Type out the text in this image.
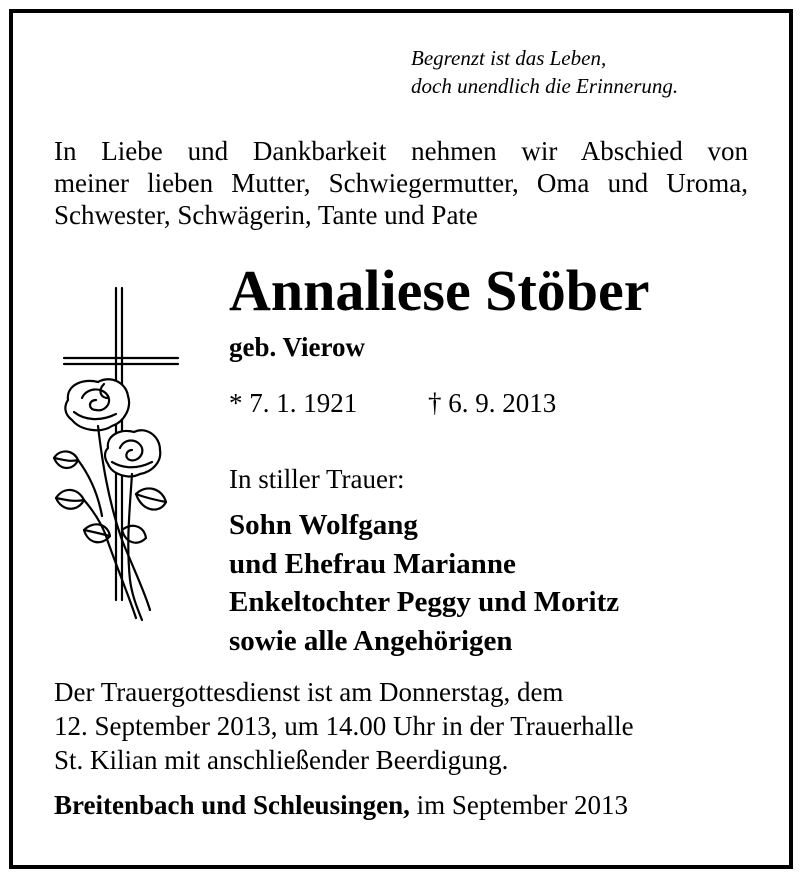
Begrenzt ist das Leben,
doch unendlich die Erinnerung.
In Liebe und Dankbarkeit nehmen wir Abschied von
meiner lieben Mutter, Schwiegermutter, Oma und Uroma,
Schwester, Schwägerin, Tante und Pate
Annaliese Stöber
geb. Vierow
* 7. 1. 1921	† 6. 9. 2013
In stiller Trauer:
Sohn Wolfgang
und Ehefrau Marianne
Enkeltochter Peggy und Moritz
sowie alle Angehörigen
Der Trauergottesdienst ist am Donnerstag, dem
12. September 2013, um 14.00 Uhr in der Trauerhalle
St. Kilian mit anschließender Beerdigung.
Breitenbach und Schleusingen, im September 2013
